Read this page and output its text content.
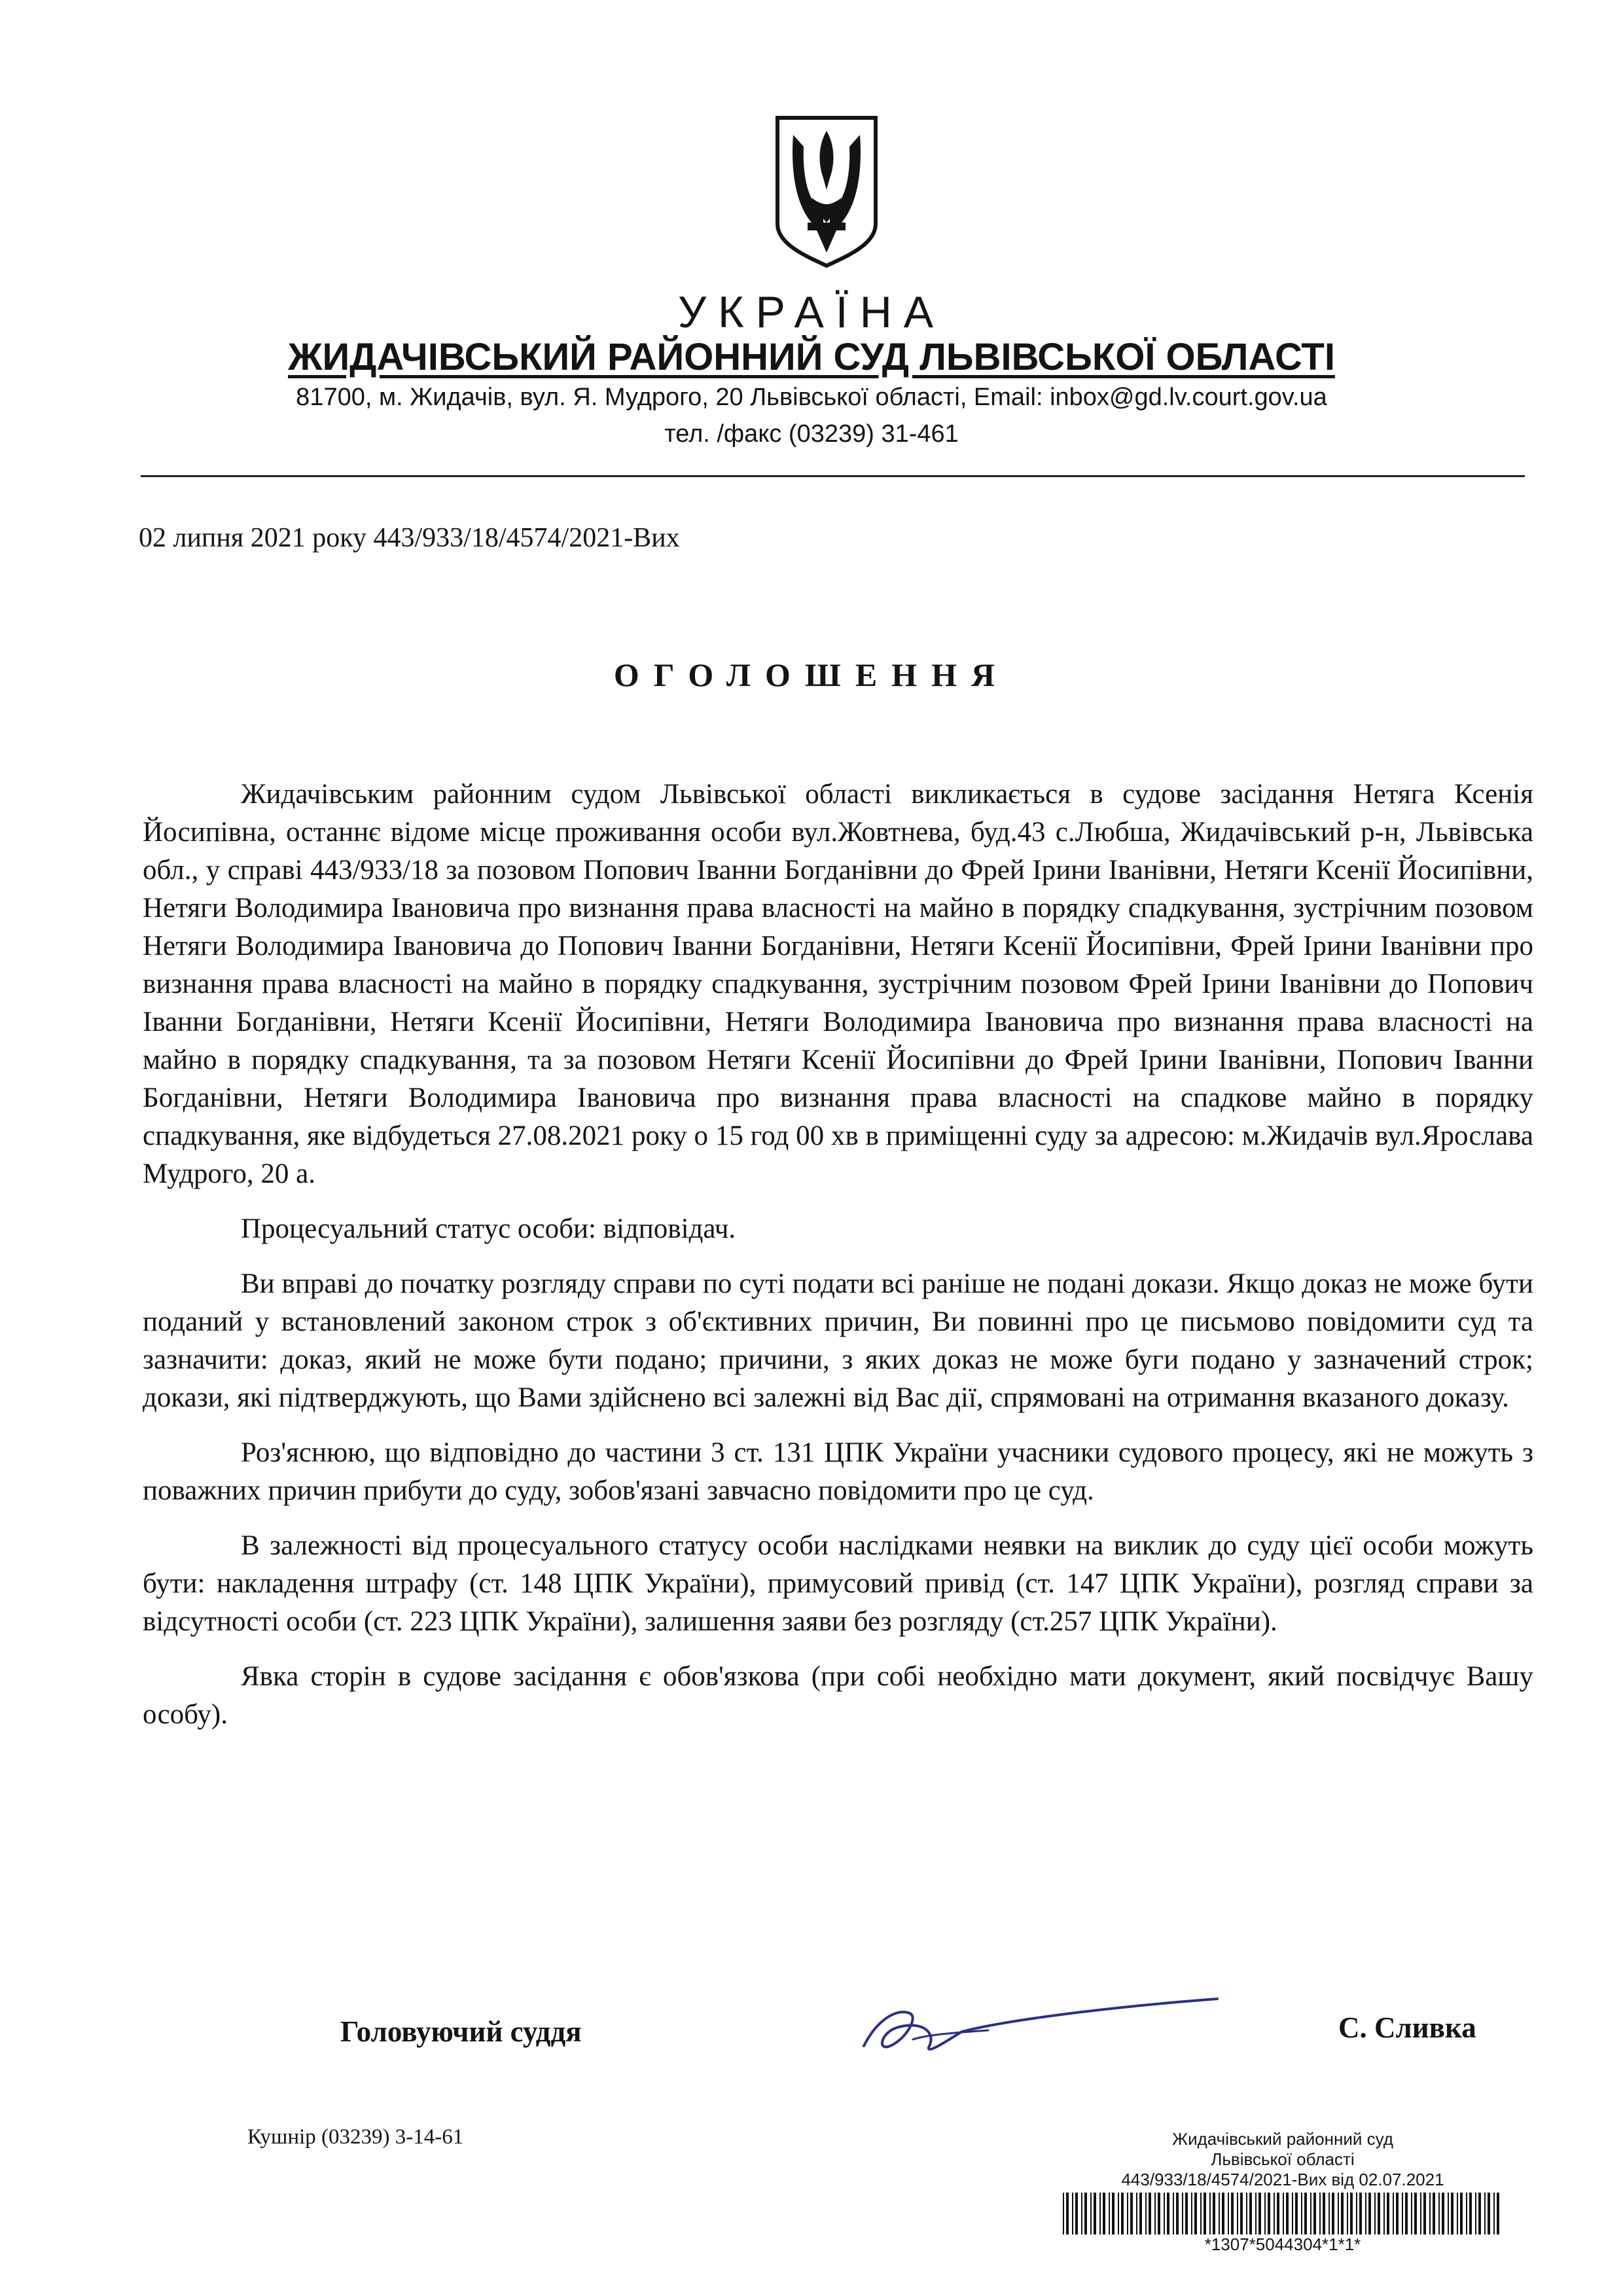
УКРАЇНА
ЖИДАЧІВСЬКИЙ РАЙОННИЙ СУД ЛЬВІВСЬКОЇ ОБЛАСТІ
81700, м. Жидачів, вул. Я. Мудрого, 20 Львівської області, Email: inbox@gd.lv.court.gov.ua
тел. /факс (03239) 31-461
02 липня 2021 року 443/933/18/4574/2021-Вих
ОГОЛОШЕННЯ

Жидачівським районним судом Львівської області викликається в судове засідання Нетяга Ксенія Йосипівна, останнє відоме місце проживання особи вул.Жовтнева, буд.43 с.Любша, Жидачівський р-н, Львівська обл., у справі 443/933/18 за позовом Попович Іванни Богданівни до Фрей Ірини Іванівни, Нетяги Ксенії Йосипівни, Нетяги Володимира Івановича про визнання права власності на майно в порядку спадкування, зустрічним позовом Нетяги Володимира Івановича до Попович Іванни Богданівни, Нетяги Ксенії Йосипівни, Фрей Ірини Іванівни про визнання права власності на майно в порядку спадкування, зустрічним позовом Фрей Ірини Іванівни до Попович Іванни Богданівни, Нетяги Ксенії Йосипівни, Нетяги Володимира Івановича про визнання права власності на майно в порядку спадкування, та за позовом Нетяги Ксенії Йосипівни до Фрей Ірини Іванівни, Попович Іванни Богданівни, Нетяги Володимира Івановича про визнання права власності на спадкове майно в порядку спадкування, яке відбудеться 27.08.2021 року о 15 год 00 хв в приміщенні суду за адресою: м.Жидачів вул.Ярослава Мудрого, 20 а.

Процесуальний статус особи: відповідач.

Ви вправі до початку розгляду справи по суті подати всі раніше не подані докази. Якщо доказ не може бути поданий у встановлений законом строк з об'єктивних причин, Ви повинні про це письмово повідомити суд та зазначити: доказ, який не може бути подано; причини, з яких доказ не може буги подано у зазначений строк; докази, які підтверджують, що Вами здійснено всі залежні від Вас дії, спрямовані на отримання вказаного доказу.

Роз'яснюю, що відповідно до частини 3 ст. 131 ЦПК України учасники судового процесу, які не можуть з поважних причин прибути до суду, зобов'язані завчасно повідомити про це суд.

В залежності від процесуального статусу особи наслідками неявки на виклик до суду цієї особи можуть бути: накладення штрафу (ст. 148 ЦПК України), примусовий привід (ст. 147 ЦПК України), розгляд справи за відсутності особи (ст. 223 ЦПК України), залишення заяви без розгляду (ст.257 ЦПК України).

Явка сторін в судове засідання є обов'язкова (при собі необхідно мати документ, який посвідчує Вашу особу).

Головуючий суддя	С. Сливка
Кушнір (03239) 3-14-61	Жидачівський районний суд
Львівської області
443/933/18/4574/2021-Вих від 02.07.2021
*1307*5044304*1*1*
